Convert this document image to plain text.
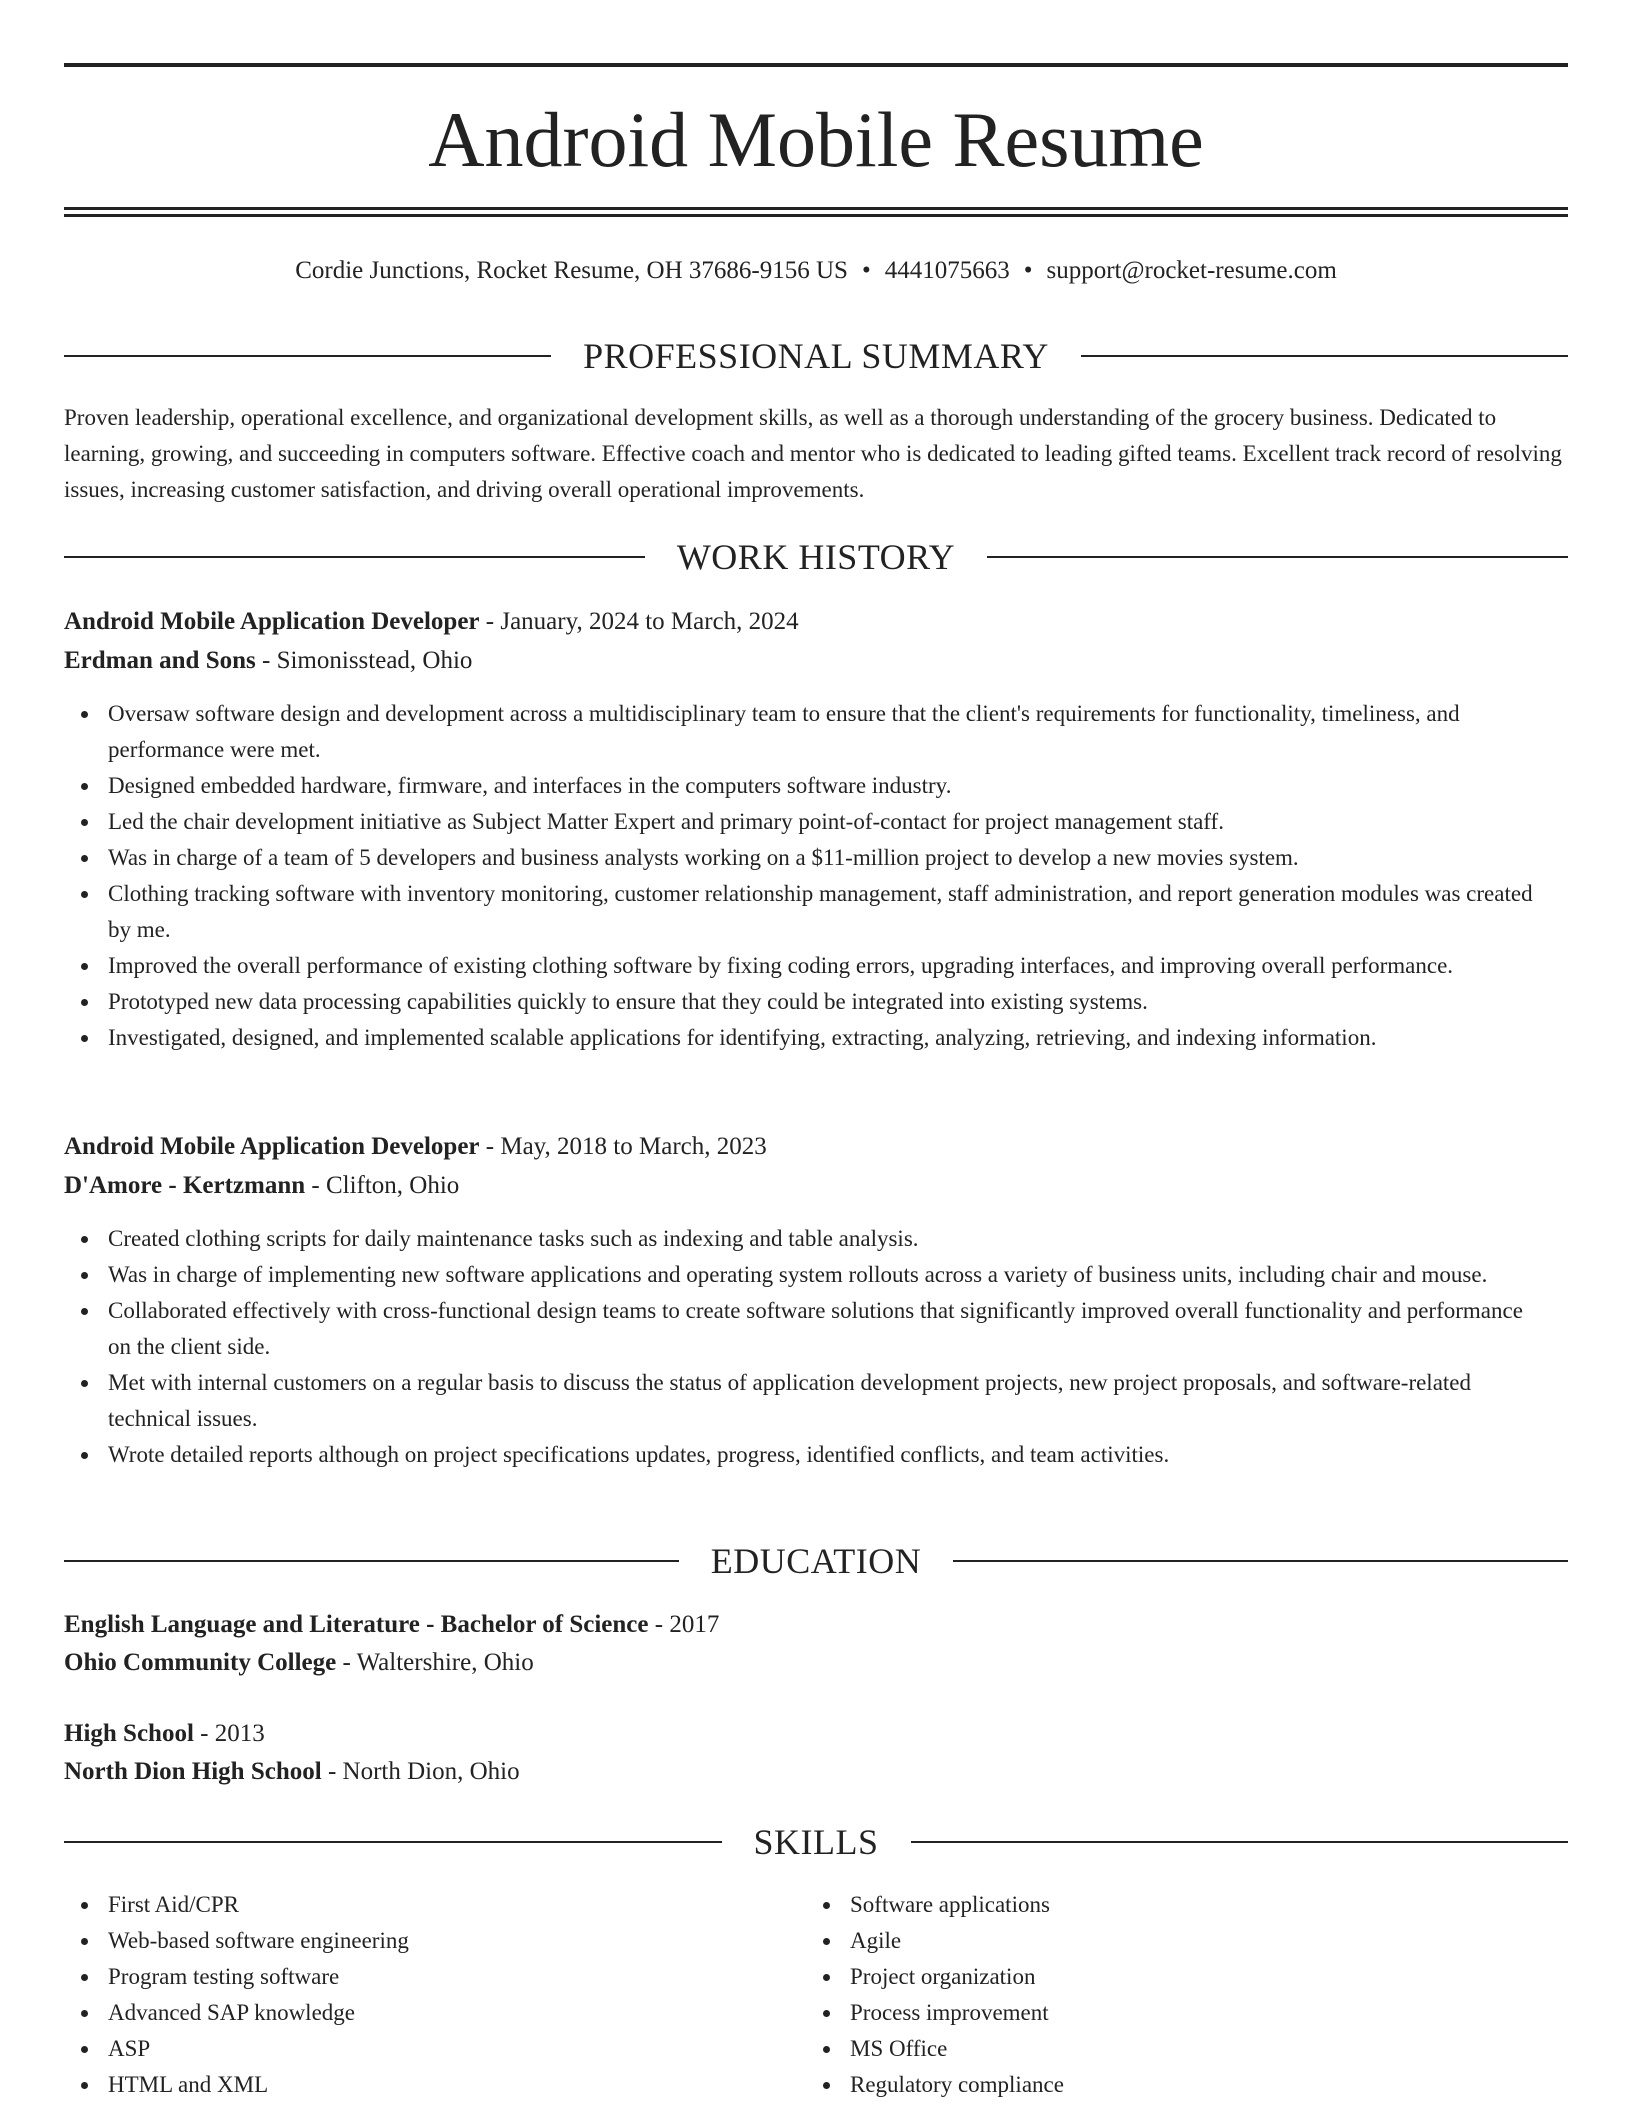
Android Mobile Resume
Cordie Junctions, Rocket Resume, OH 37686-9156 US • 4441075663 • support@rocket-resume.com
PROFESSIONAL SUMMARY

Proven leadership, operational excellence, and organizational development skills, as well as a thorough understanding of the grocery business. Dedicated to learning, growing, and succeeding in computers software. Effective coach and mentor who is dedicated to leading gifted teams. Excellent track record of resolving issues, increasing customer satisfaction, and driving overall operational improvements.

WORK HISTORY
Android Mobile Application Developer - January, 2024 to March, 2024
Erdman and Sons - Simonisstead, Ohio
Oversaw software design and development across a multidisciplinary team to ensure that the client's requirements for functionality, timeliness, and performance were met.
Designed embedded hardware, firmware, and interfaces in the computers software industry.
Led the chair development initiative as Subject Matter Expert and primary point-of-contact for project management staff.
Was in charge of a team of 5 developers and business analysts working on a $11-million project to develop a new movies system.
Clothing tracking software with inventory monitoring, customer relationship management, staff administration, and report generation modules was created by me.
Improved the overall performance of existing clothing software by fixing coding errors, upgrading interfaces, and improving overall performance.
Prototyped new data processing capabilities quickly to ensure that they could be integrated into existing systems.
Investigated, designed, and implemented scalable applications for identifying, extracting, analyzing, retrieving, and indexing information.
Android Mobile Application Developer - May, 2018 to March, 2023
D'Amore - Kertzmann - Clifton, Ohio
Created clothing scripts for daily maintenance tasks such as indexing and table analysis.
Was in charge of implementing new software applications and operating system rollouts across a variety of business units, including chair and mouse.
Collaborated effectively with cross-functional design teams to create software solutions that significantly improved overall functionality and performance on the client side.
Met with internal customers on a regular basis to discuss the status of application development projects, new project proposals, and software-related technical issues.
Wrote detailed reports although on project specifications updates, progress, identified conflicts, and team activities.
EDUCATION
English Language and Literature - Bachelor of Science - 2017
Ohio Community College - Waltershire, Ohio
High School - 2013
North Dion High School - North Dion, Ohio
SKILLS
First Aid/CPR
Web-based software engineering
Program testing software
Advanced SAP knowledge
ASP
HTML and XML
Software applications
Agile
Project organization
Process improvement
MS Office
Regulatory compliance
